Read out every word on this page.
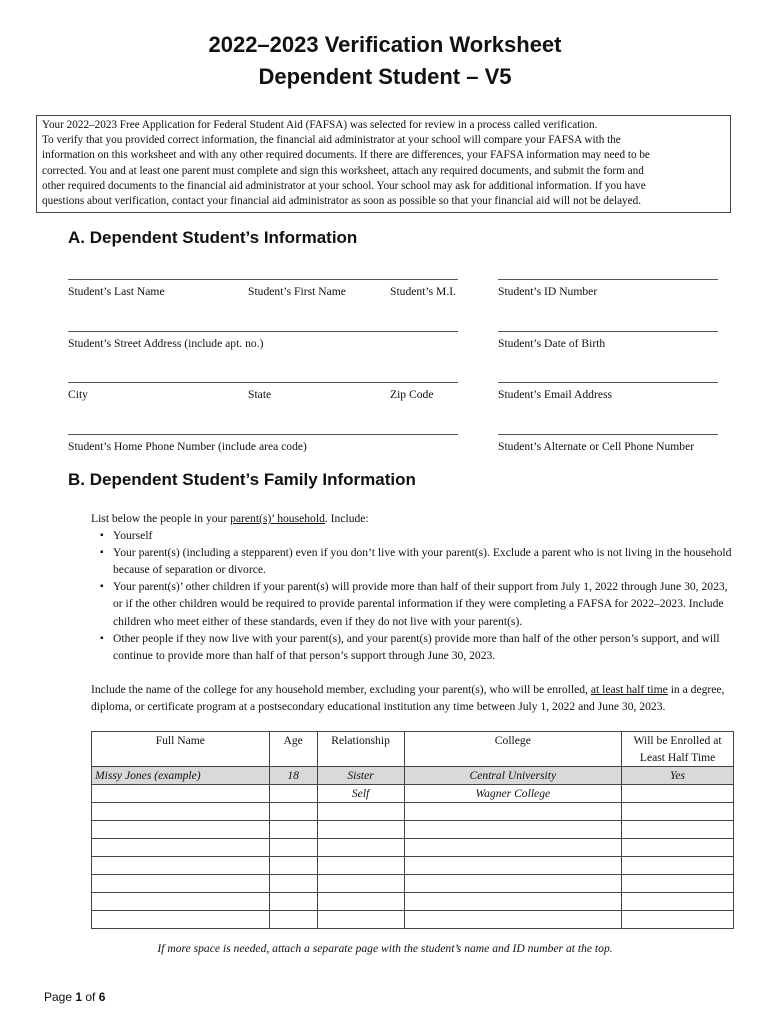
2022–2023 Verification Worksheet
Dependent Student – V5
Your 2022–2023 Free Application for Federal Student Aid (FAFSA) was selected for review in a process called verification.
To verify that you provided correct information, the financial aid administrator at your school will compare your FAFSA with the
information on this worksheet and with any other required documents. If there are differences, your FAFSA information may need to be
corrected. You and at least one parent must complete and sign this worksheet, attach any required documents, and submit the form and
other required documents to the financial aid administrator at your school. Your school may ask for additional information. If you have
questions about verification, contact your financial aid administrator as soon as possible so that your financial aid will not be delayed.
A. Dependent Student’s Information
Student’s Last Name	Student’s First Name	Student’s M.I.	Student’s ID Number
Student’s Street Address (include apt. no.)	Student’s Date of Birth
City	State	Zip Code	Student’s Email Address
Student’s Home Phone Number (include area code)	Student’s Alternate or Cell Phone Number
B. Dependent Student’s Family Information
List below the people in your parent(s)’ household. Include:
▪ Yourself
▪ Your parent(s) (including a stepparent) even if you don’t live with your parent(s). Exclude a parent who is not living in the household because of separation or divorce.
▪ Your parent(s)’ other children if your parent(s) will provide more than half of their support from July 1, 2022 through June 30, 2023, or if the other children would be required to provide parental information if they were completing a FAFSA for 2022–2023. Include children who meet either of these standards, even if they do not live with your parent(s).
▪ Other people if they now live with your parent(s), and your parent(s) provide more than half of the other person’s support, and will continue to provide more than half of that person’s support through June 30, 2023.
Include the name of the college for any household member, excluding your parent(s), who will be enrolled, at least half time in a degree, diploma, or certificate program at a postsecondary educational institution any time between July 1, 2022 and June 30, 2023.
Full Name	Age	Relationship	College	Will be Enrolled at Least Half Time
Missy Jones (example)	18	Sister	Central University	Yes
		Self	Wagner College	

If more space is needed, attach a separate page with the student’s name and ID number at the top.
Page 1 of 6
